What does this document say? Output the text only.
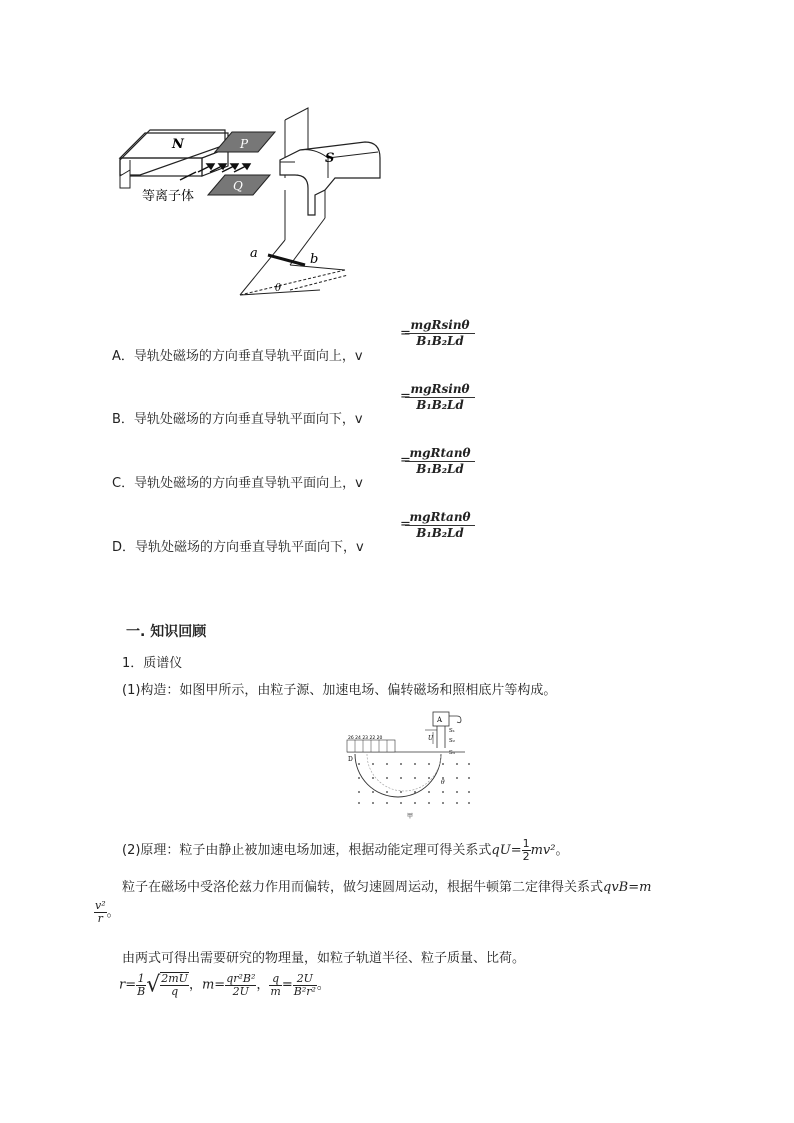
N	P
Q
等离子体
S
a	b
θ
A．导轨处磁场的方向垂直导轨平面向上，v
=
mgRsinθ
B₁B₂Ld
B．导轨处磁场的方向垂直导轨平面向下，v
= mgRsinθ
B₁B₂Ld
C．导轨处磁场的方向垂直导轨平面向上，v
=
mgRtanθ
B₁B₂Ld
D．导轨处磁场的方向垂直导轨平面向下，v
=
mgRtanθ
B₁B₂Ld
一. 知识回顾
1．质谱仪
(1)构造：如图甲所示，由粒子源、加速电场、偏转磁场和照相底片等构成。
A
U
S₁
S₂
S₃
26 24 23 22 20
D
θ
甲
(2)原理：粒子由静止被加速电场加速，根据动能定理可得关系式$qU= \frac{1}{2} mv^2$。
粒子在磁场中受洛伦兹力作用而偏转，做匀速圆周运动，根据牛顿第二定律得关系式qvB=m
$\frac{\text{v²}}{r}$ 。
由两式可得出需要研究的物理量，如粒子轨道半径、粒子质量、比荷。
$r= \frac{1}{B}$ √ $\frac{2mU}{q}$ ，$m= \frac{\text{qr²B²}}{2U}$ ， $\frac{q}{m} = \frac{2U}{\text{B²r²}}$ 。
